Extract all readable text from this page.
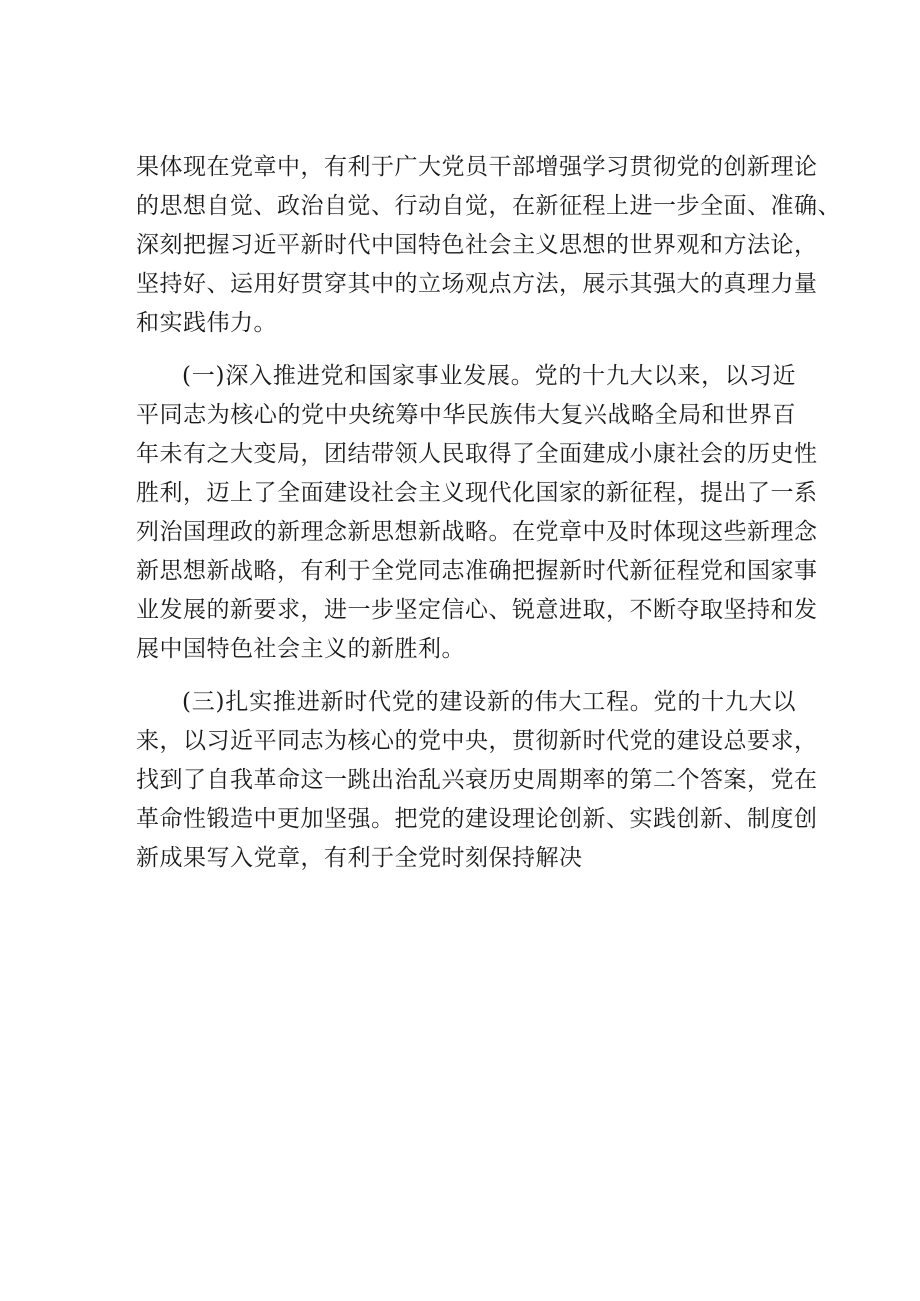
果体现在党章中，有利于广大党员干部增强学习贯彻党的创新理论
的思想自觉、政治自觉、行动自觉，在新征程上进一步全面、准确、
深刻把握习近平新时代中国特色社会主义思想的世界观和方法论，
坚持好、运用好贯穿其中的立场观点方法，展示其强大的真理力量
和实践伟力。
(一)深入推进党和国家事业发展。党的十九大以来，以习近
平同志为核心的党中央统筹中华民族伟大复兴战略全局和世界百
年未有之大变局，团结带领人民取得了全面建成小康社会的历史性
胜利，迈上了全面建设社会主义现代化国家的新征程，提出了一系
列治国理政的新理念新思想新战略。在党章中及时体现这些新理念
新思想新战略，有利于全党同志准确把握新时代新征程党和国家事
业发展的新要求，进一步坚定信心、锐意进取，不断夺取坚持和发
展中国特色社会主义的新胜利。
(三)扎实推进新时代党的建设新的伟大工程。党的十九大以
来，以习近平同志为核心的党中央，贯彻新时代党的建设总要求，
找到了自我革命这一跳出治乱兴衰历史周期率的第二个答案，党在
革命性锻造中更加坚强。把党的建设理论创新、实践创新、制度创
新成果写入党章，有利于全党时刻保持解决
